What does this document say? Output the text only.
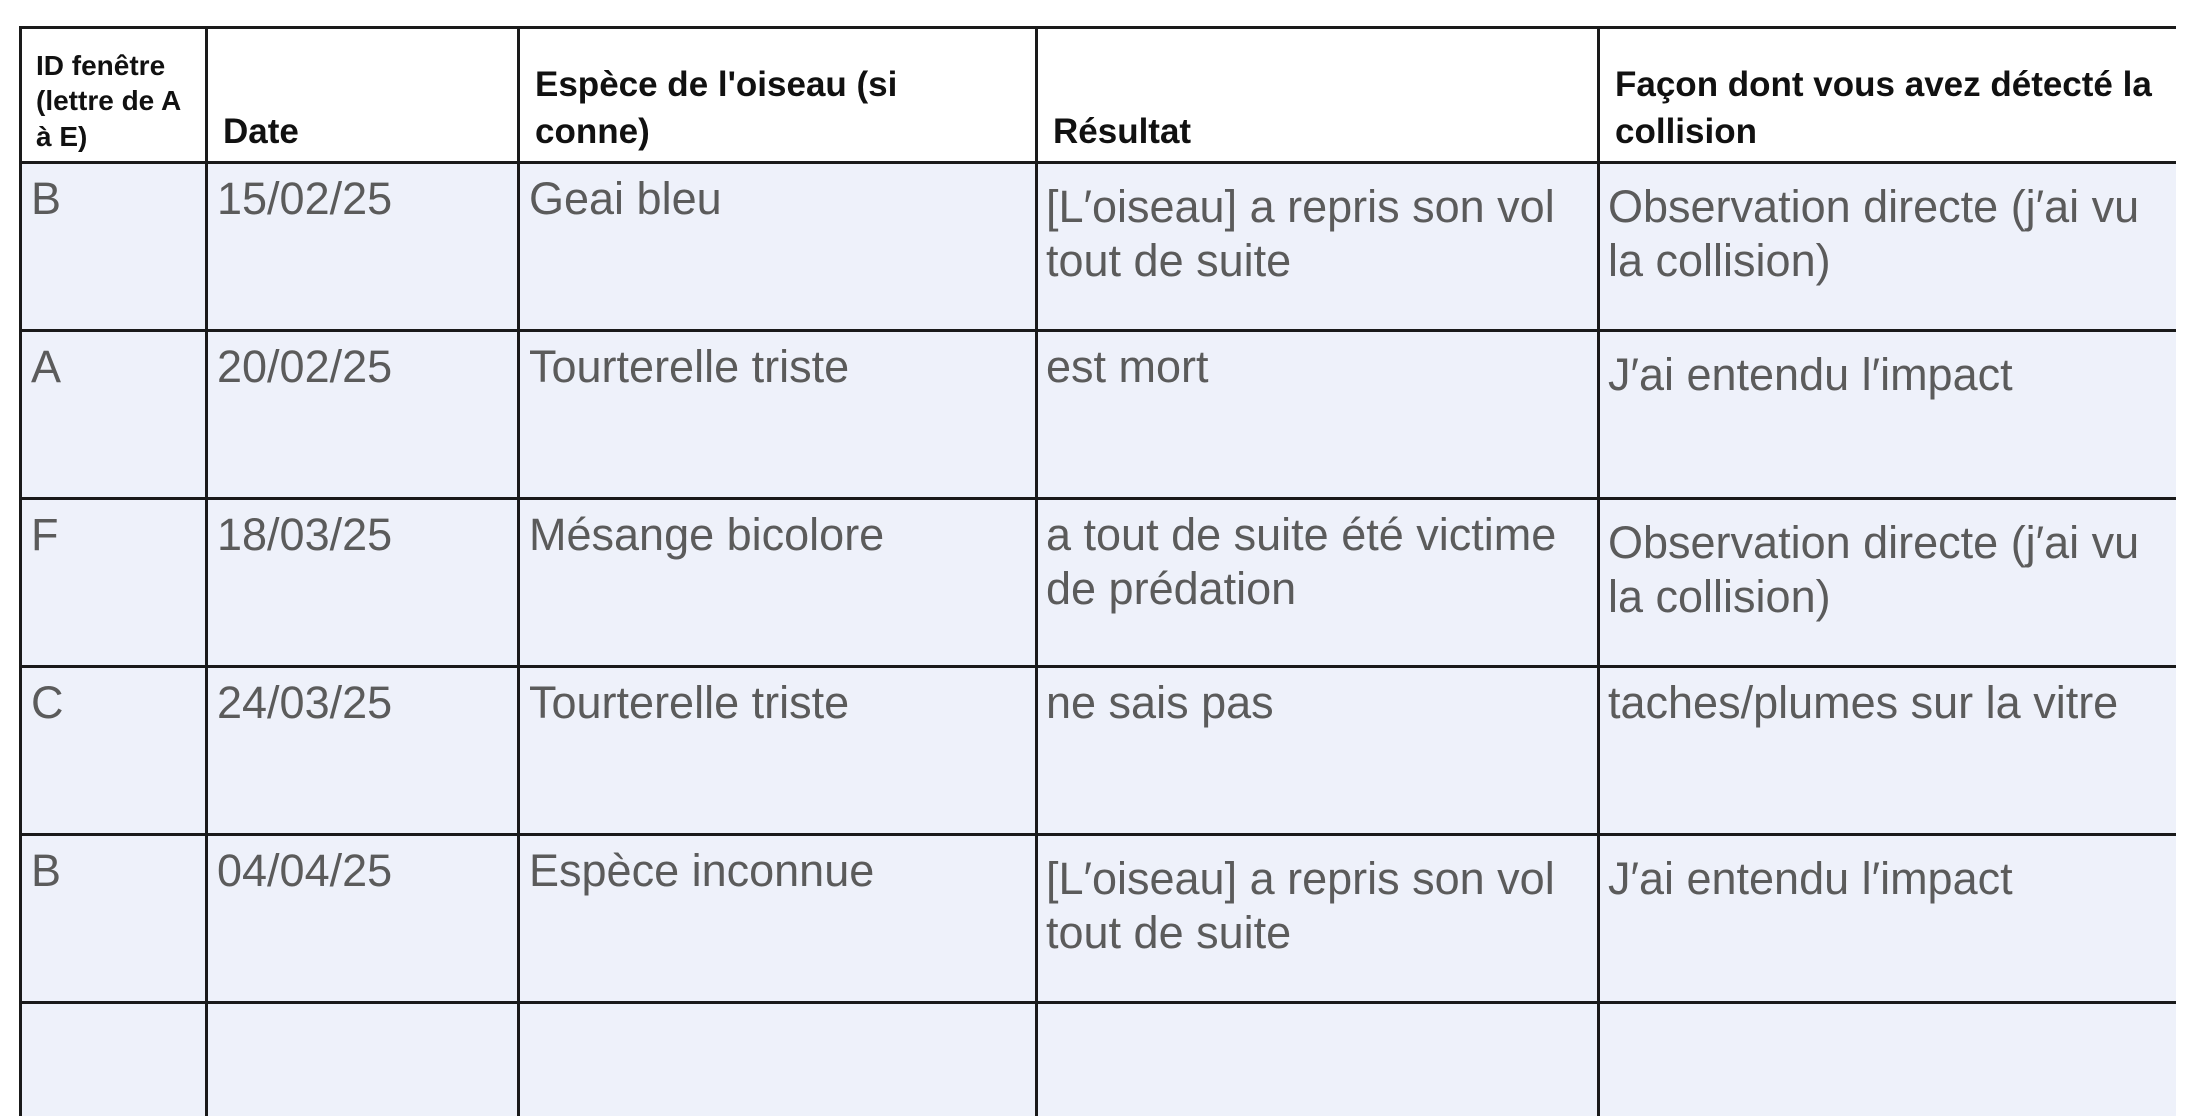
ID fenêtre (lettre de A à E)	Date	Espèce de l'oiseau (si conne)	Résultat	Façon dont vous avez détecté la collision
B	15/02/25	Geai bleu	[L′oiseau] a repris son vol tout de suite	Observation directe (j′ai vu la collision)
A	20/02/25	Tourterelle triste	est mort	J′ai entendu l′impact
F	18/03/25	Mésange bicolore	a tout de suite été victime de prédation	Observation directe (j′ai vu la collision)
C	24/03/25	Tourterelle triste	ne sais pas	taches/plumes sur la vitre
B	04/04/25	Espèce inconnue	[L′oiseau] a repris son vol tout de suite	J′ai entendu l′impact
